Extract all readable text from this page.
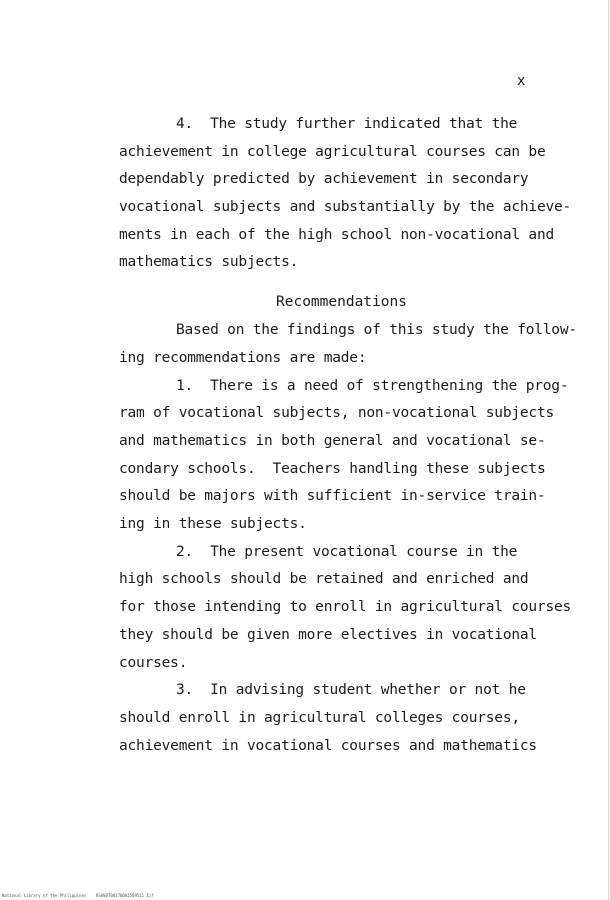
x
4.  The study further indicated that the
achievement in college agricultural courses can be
dependably predicted by achievement in secondary
vocational subjects and substantially by the achieve-
ments in each of the high school non-vocational and
mathematics subjects.
Recommendations
Based on the findings of this study the follow-
ing recommendations are made:
1.  There is a need of strengthening the prog-
ram of vocational subjects, non-vocational subjects
and mathematics in both general and vocational se-
condary schools.  Teachers handling these subjects
should be majors with sufficient in-service train-
ing in these subjects.
2.  The present vocational course in the
high schools should be retained and enriched and
for those intending to enroll in agricultural courses
they should be given more electives in vocational
courses.
3.  In advising student whether or not he
should enroll in agricultural colleges courses,
achievement in vocational courses and mathematics
National Library of the Philippines    RS0V0T00170001509511 Iif
